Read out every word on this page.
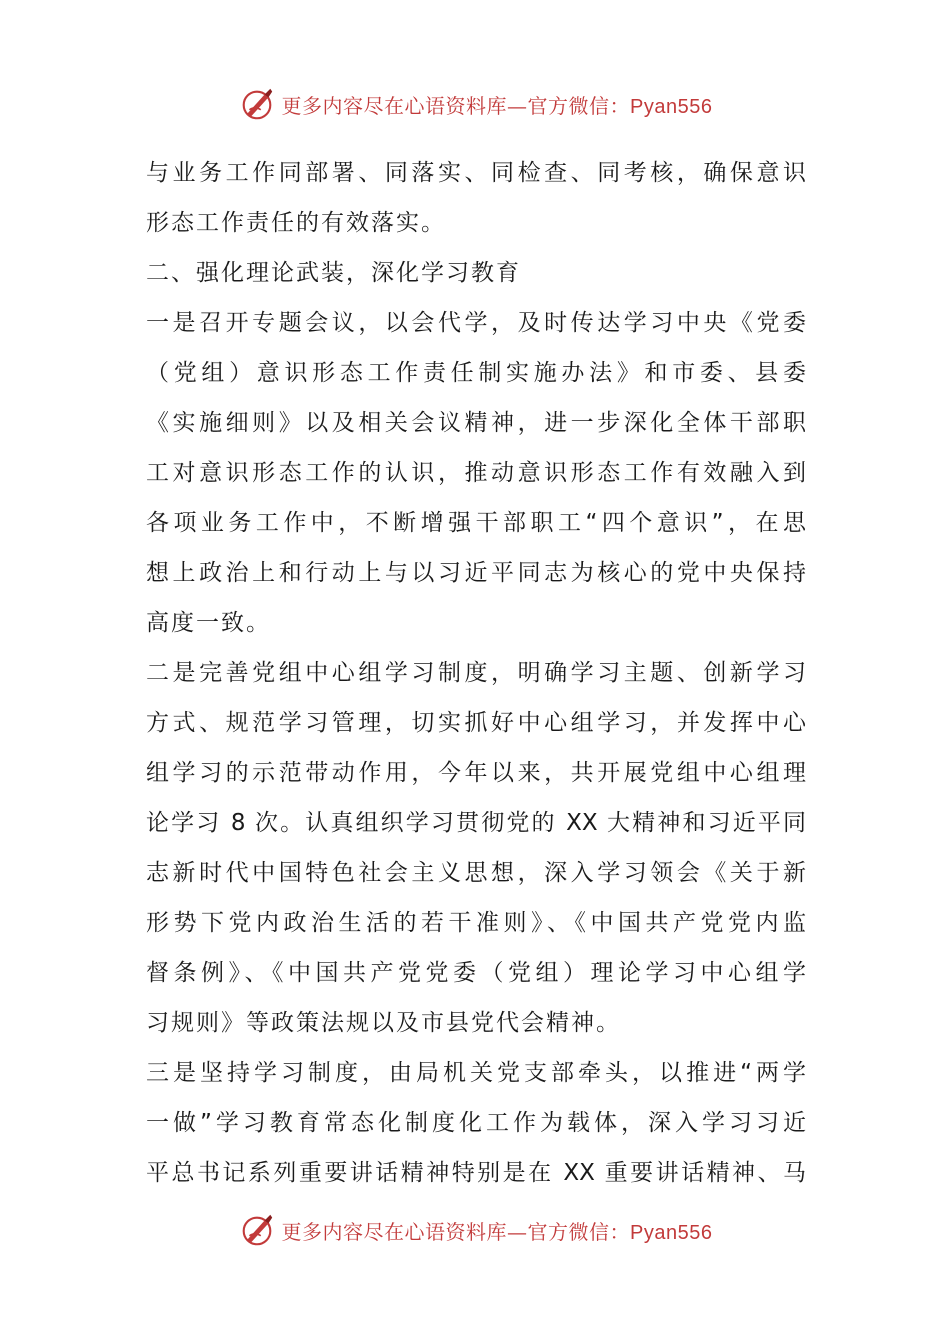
更多内容尽在心语资料库—官方微信：Pyan556
与业务工作同部署、同落实、同检查、同考核，确保意识
形态工作责任的有效落实。
二、强化理论武装，深化学习教育
一是召开专题会议，以会代学，及时传达学习中央《党委
（党组）意识形态工作责任制实施办法》和市委、县委
《实施细则》以及相关会议精神，进一步深化全体干部职
工对意识形态工作的认识，推动意识形态工作有效融入到
各项业务工作中，不断增强干部职工“四个意识”，在思
想上政治上和行动上与以习近平同志为核心的党中央保持
高度一致。
二是完善党组中心组学习制度，明确学习主题、创新学习
方式、规范学习管理，切实抓好中心组学习，并发挥中心
组学习的示范带动作用，今年以来，共开展党组中心组理
论学习 8 次。认真组织学习贯彻党的 XX 大精神和习近平同
志新时代中国特色社会主义思想，深入学习领会《关于新
形势下党内政治生活的若干准则》、《中国共产党党内监
督条例》、《中国共产党党委（党组）理论学习中心组学
习规则》等政策法规以及市县党代会精神。
三是坚持学习制度，由局机关党支部牵头，以推进“两学
一做”学习教育常态化制度化工作为载体，深入学习习近
平总书记系列重要讲话精神特别是在 XX 重要讲话精神、马
更多内容尽在心语资料库—官方微信：Pyan556
